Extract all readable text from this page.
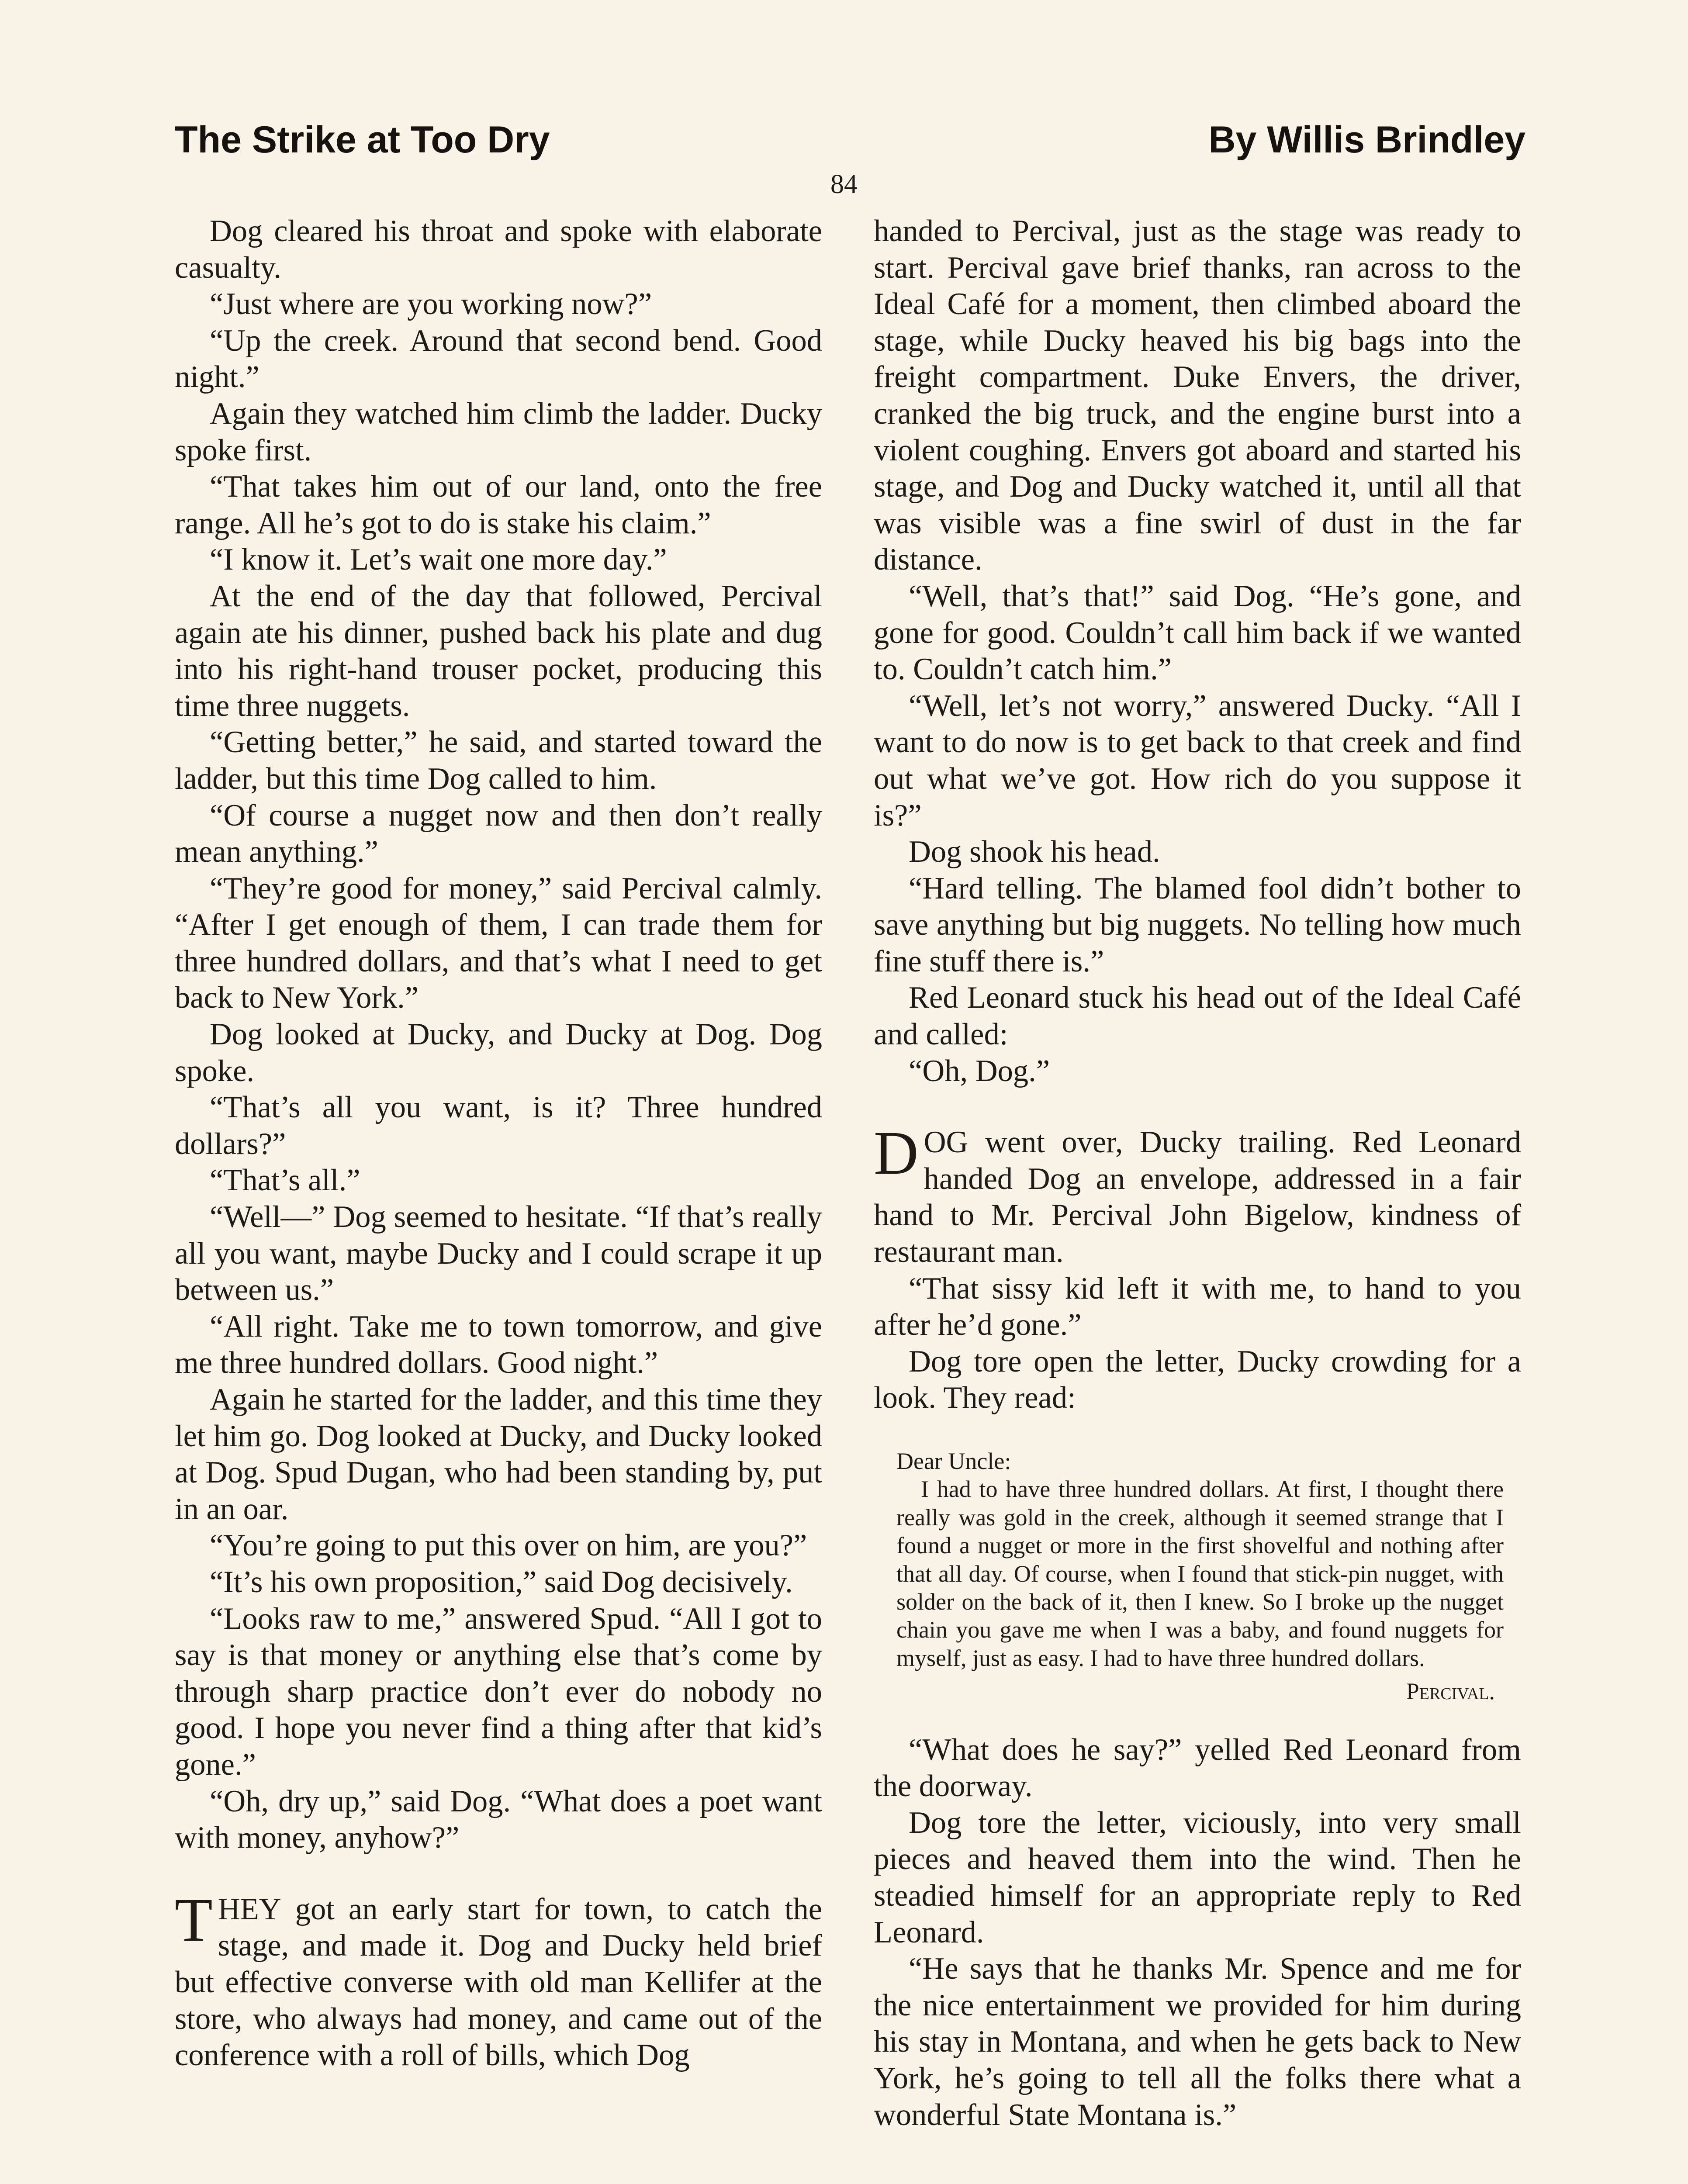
The Strike at Too Dry	By Willis Brindley
84

Dog cleared his throat and spoke with elaborate casualty.

“Just where are you working now?”

“Up the creek. Around that second bend. Good night.”

Again they watched him climb the ladder. Ducky spoke first.

“That takes him out of our land, onto the free range. All he’s got to do is stake his claim.”

“I know it. Let’s wait one more day.”

At the end of the day that followed, Percival again ate his dinner, pushed back his plate and dug into his right-hand trouser pocket, producing this time three nuggets.

“Getting better,” he said, and started toward the ladder, but this time Dog called to him.

“Of course a nugget now and then don’t really mean anything.”

“They’re good for money,” said Percival calmly. “After I get enough of them, I can trade them for three hundred dollars, and that’s what I need to get back to New York.”

Dog looked at Ducky, and Ducky at Dog. Dog spoke.

“That’s all you want, is it? Three hundred dollars?”

“That’s all.”

“Well—” Dog seemed to hesitate. “If that’s really all you want, maybe Ducky and I could scrape it up between us.”

“All right. Take me to town tomorrow, and give me three hundred dollars. Good night.”

Again he started for the ladder, and this time they let him go. Dog looked at Ducky, and Ducky looked at Dog. Spud Dugan, who had been standing by, put in an oar.

“You’re going to put this over on him, are you?”

“It’s his own proposition,” said Dog decisively.

“Looks raw to me,” answered Spud. “All I got to say is that money or anything else that’s come by through sharp practice don’t ever do nobody no good. I hope you never find a thing after that kid’s gone.”

“Oh, dry up,” said Dog. “What does a poet want with money, anyhow?”

THEY got an early start for town, to catch the stage, and made it. Dog and Ducky held brief but effective converse with old man Kellifer at the store, who always had money, and came out of the conference with a roll of bills, which Dog

handed to Percival, just as the stage was ready to start. Percival gave brief thanks, ran across to the Ideal Café for a moment, then climbed aboard the stage, while Ducky heaved his big bags into the freight compartment. Duke Envers, the driver, cranked the big truck, and the engine burst into a violent coughing. Envers got aboard and started his stage, and Dog and Ducky watched it, until all that was visible was a fine swirl of dust in the far distance.

“Well, that’s that!” said Dog. “He’s gone, and gone for good. Couldn’t call him back if we wanted to. Couldn’t catch him.”

“Well, let’s not worry,” answered Ducky. “All I want to do now is to get back to that creek and find out what we’ve got. How rich do you suppose it is?”

Dog shook his head.

“Hard telling. The blamed fool didn’t bother to save anything but big nuggets. No telling how much fine stuff there is.”

Red Leonard stuck his head out of the Ideal Café and called:

“Oh, Dog.”

DOG went over, Ducky trailing. Red Leonard handed Dog an envelope, addressed in a fair hand to Mr. Percival John Bigelow, kindness of restaurant man.

“That sissy kid left it with me, to hand to you after he’d gone.”

Dog tore open the letter, Ducky crowding for a look. They read:

Dear Uncle:

I had to have three hundred dollars. At first, I thought there really was gold in the creek, although it seemed strange that I found a nugget or more in the first shovelful and nothing after that all day. Of course, when I found that stick-pin nugget, with solder on the back of it, then I knew. So I broke up the nugget chain you gave me when I was a baby, and found nuggets for myself, just as easy. I had to have three hundred dollars.

Percival.

“What does he say?” yelled Red Leonard from the doorway.

Dog tore the letter, viciously, into very small pieces and heaved them into the wind. Then he steadied himself for an appropriate reply to Red Leonard.

“He says that he thanks Mr. Spence and me for the nice entertainment we provided for him during his stay in Montana, and when he gets back to New York, he’s going to tell all the folks there what a wonderful State Montana is.”
